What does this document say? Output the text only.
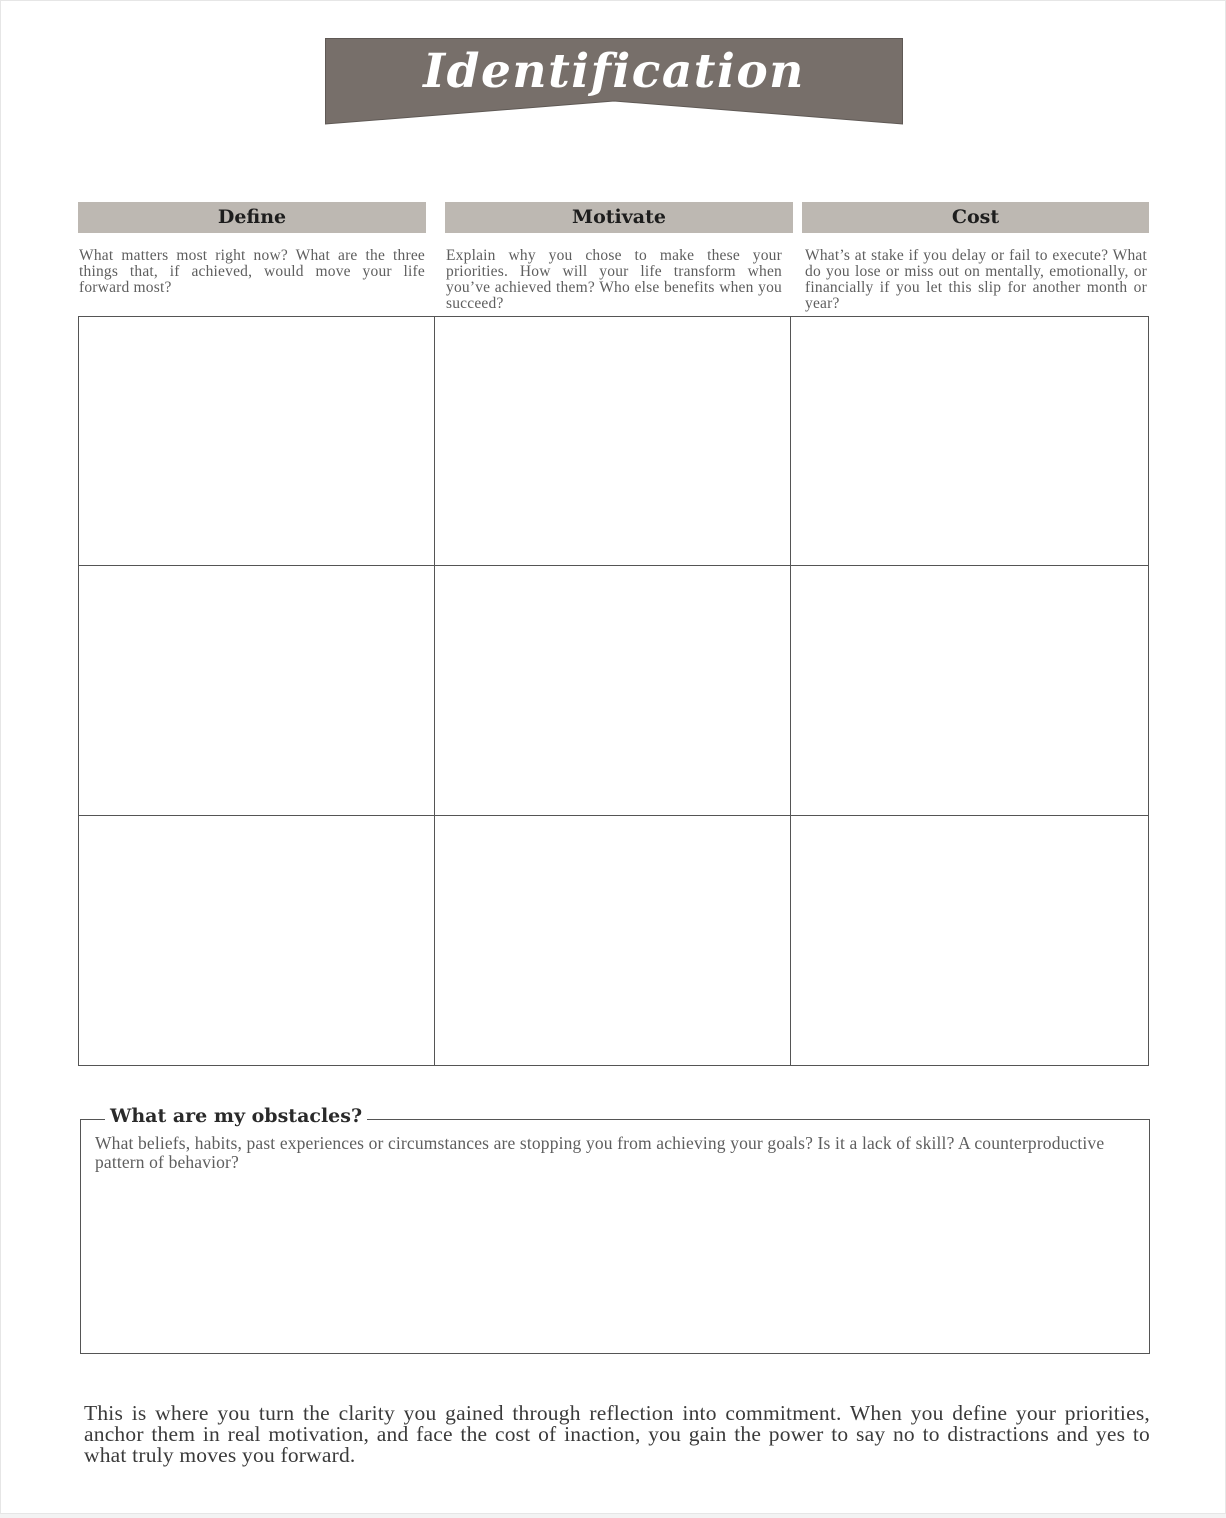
Identification
Define	Motivate	Cost
What matters most right now? What are the three things that, if achieved, would move your life forward most?
Explain why you chose to make these your priorities. How will your life transform when you’ve achieved them? Who else benefits when you succeed?
What’s at stake if you delay or fail to execute? What do you lose or miss out on mentally, emotionally, or financially if you let this slip for another month or year?
What are my obstacles?
What beliefs, habits, past experiences or circumstances are stopping you from achieving your goals? Is it a lack of skill? A counterproductive pattern of behavior?
This is where you turn the clarity you gained through reflection into commitment. When you define your priorities, anchor them in real motivation, and face the cost of inaction, you gain the power to say no to distractions and yes to what truly moves you forward.
